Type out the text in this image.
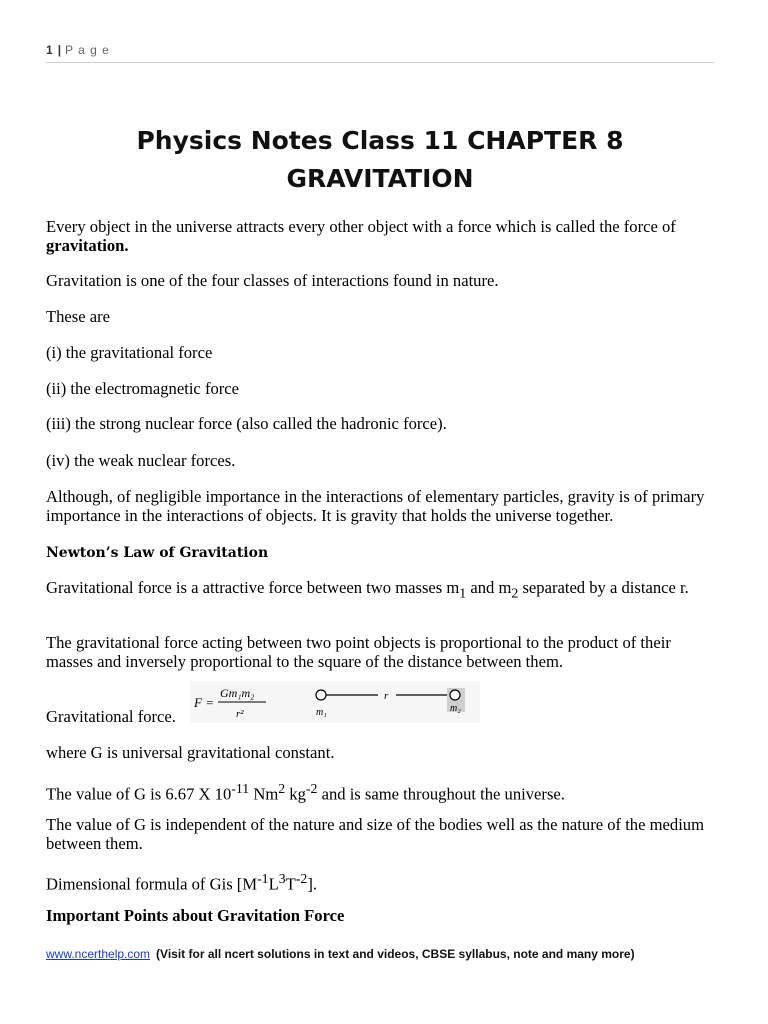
1 | P a g e
Physics Notes Class 11 CHAPTER 8
GRAVITATION
Every object in the universe attracts every other object with a force which is called the force of gravitation.
Gravitation is one of the four classes of interactions found in nature.
These are
(i) the gravitational force
(ii) the electromagnetic force
(iii) the strong nuclear force (also called the hadronic force).
(iv) the weak nuclear forces.
Although, of negligible importance in the interactions of elementary particles, gravity is of primary importance in the interactions of objects. It is gravity that holds the universe together.
Newton’s Law of Gravitation
Gravitational force is a attractive force between two masses $m_1$ and $m_2$ separated by a distance r.
The gravitational force acting between two point objects is proportional to the product of their masses and inversely proportional to the square of the distance between them.
Gravitational force.
F =
Gm₁m₂
r²
r
m₁	m₂
where G is universal gravitational constant.
The value of G is 6.67 X $10^{-11}$ Nm$^2$ $kg^{-2}$ and is same throughout the universe.
The value of G is independent of the nature and size of the bodies well as the nature of the medium between them.
Dimensional formula of Gis $[M^{-1}L^3T^{-2}]$.
Important Points about Gravitation Force
www.ncerthelp.com (Visit for all ncert solutions in text and videos, CBSE syllabus, note and many more)
